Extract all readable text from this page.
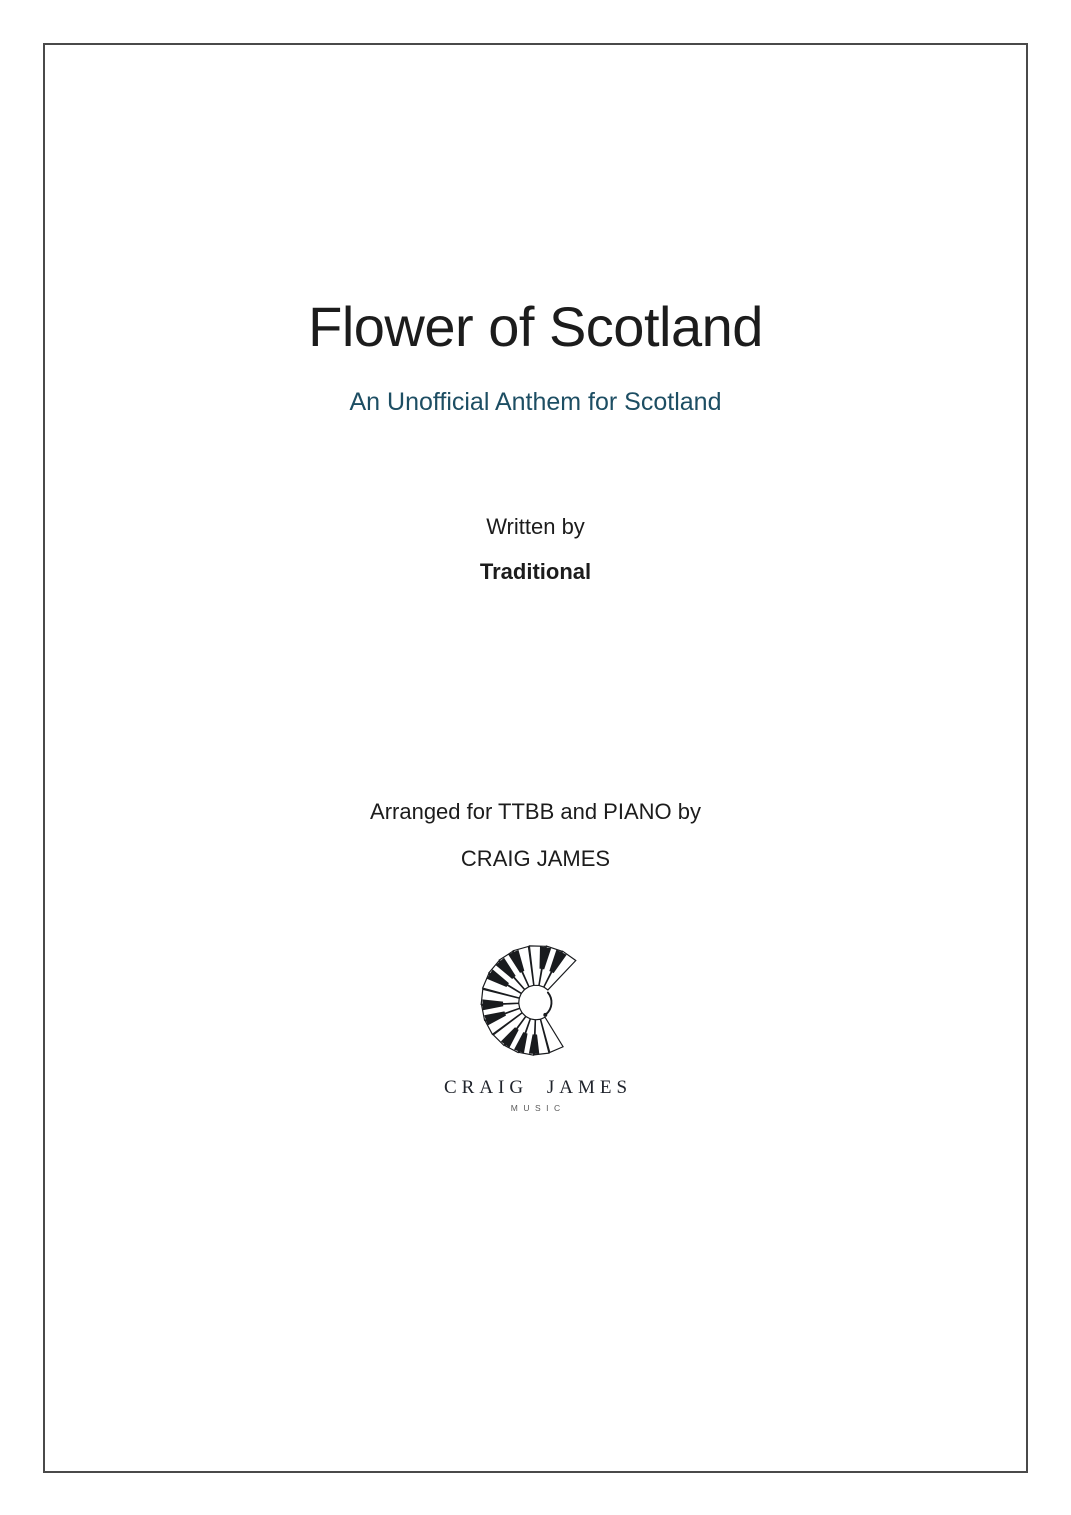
Flower of Scotland
An Unofficial Anthem for Scotland

Written by

Traditional

Arranged for TTBB and PIANO by

CRAIG JAMES

CRAIG JAMES
MUSIC
